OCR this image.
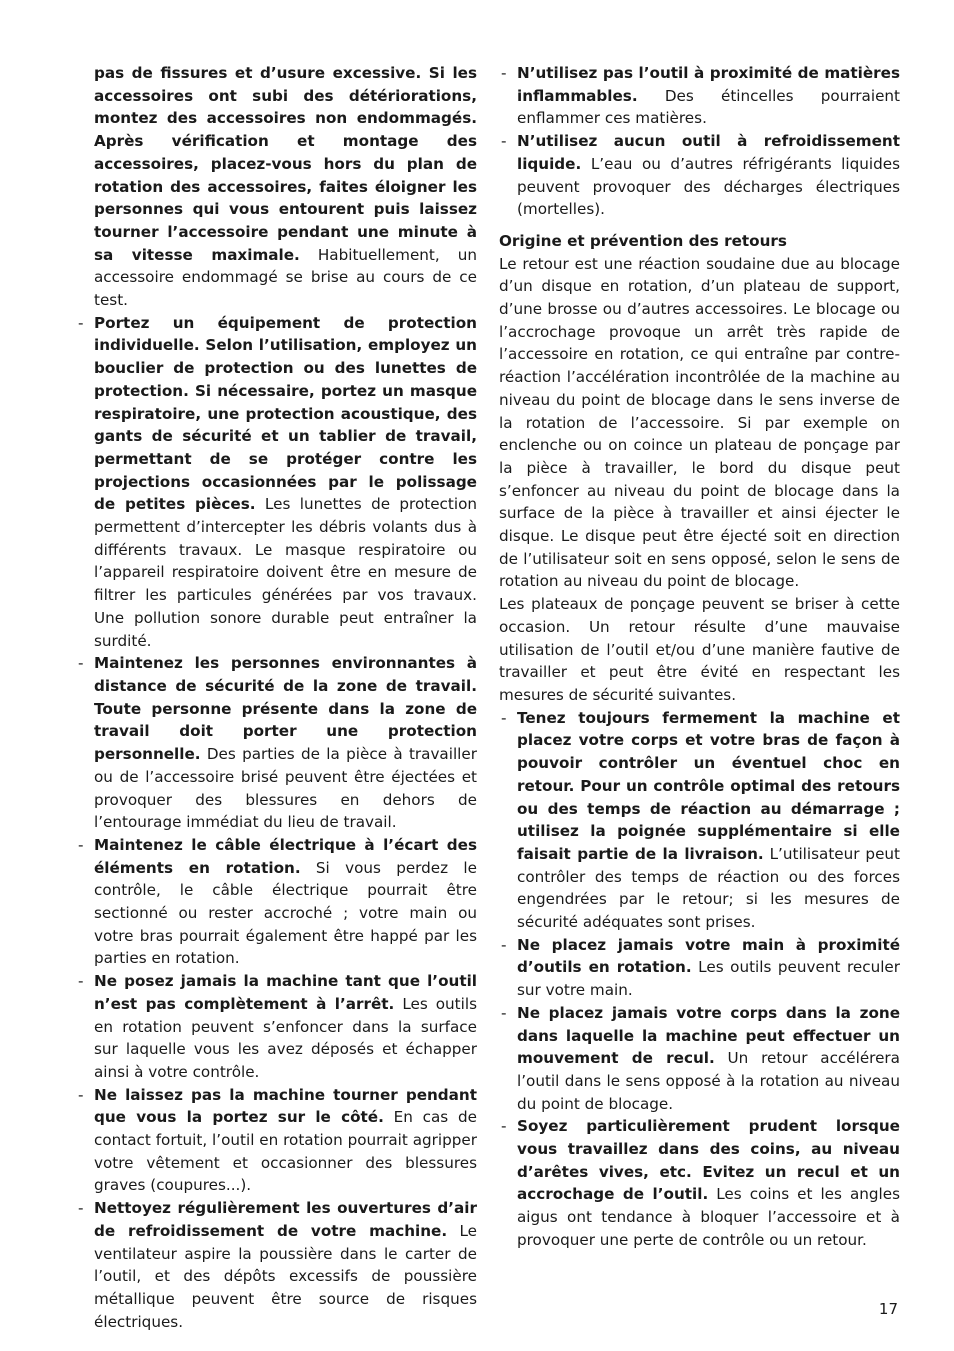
pas de fissures et d’usure excessive. Si les accessoires ont subi des détériorations, montez des accessoires non endommagés. Après vérification et montage des accessoires, placez-vous hors du plan de rotation des accessoires, faites éloigner les personnes qui vous entourent puis laissez tourner l’accessoire pendant une minute à sa vitesse maximale. Habituellement, un accessoire endommagé se brise au cours de ce test.
- Portez un équipement de protection individuelle. Selon l’utilisation, employez un bouclier de protection ou des lunettes de protection. Si nécessaire, portez un masque respiratoire, une protection acoustique, des gants de sécurité et un tablier de travail, permettant de se protéger contre les projections occasionnées par le polissage de petites pièces. Les lunettes de protection permettent d’intercepter les débris volants dus à différents travaux. Le masque respiratoire ou l’appareil respiratoire doivent être en mesure de filtrer les particules générées par vos travaux. Une pollution sonore durable peut entraîner la surdité.
- Maintenez les personnes environnantes à distance de sécurité de la zone de travail. Toute personne présente dans la zone de travail doit porter une protection personnelle. Des parties de la pièce à travailler ou de l’accessoire brisé peuvent être éjectées et provoquer des blessures en dehors de l’entourage immédiat du lieu de travail.
- Maintenez le câble électrique à l’écart des éléments en rotation. Si vous perdez le contrôle, le câble électrique pourrait être sectionné ou rester accroché ; votre main ou votre bras pourrait également être happé par les parties en rotation.
- Ne posez jamais la machine tant que l’outil n’est pas complètement à l’arrêt. Les outils en rotation peuvent s’enfoncer dans la surface sur laquelle vous les avez déposés et échapper ainsi à votre contrôle.
- Ne laissez pas la machine tourner pendant que vous la portez sur le côté. En cas de contact fortuit, l’outil en rotation pourrait agripper votre vêtement et occasionner des blessures graves (coupures...).
- Nettoyez régulièrement les ouvertures d’air de refroidissement de votre machine. Le ventilateur aspire la poussière dans le carter de l’outil, et des dépôts excessifs de poussière métallique peuvent être source de risques électriques.
- N’utilisez pas l’outil à proximité de matières inflammables. Des étincelles pourraient enflammer ces matières.
- N’utilisez aucun outil à refroidissement liquide. L’eau ou d’autres réfrigérants liquides peuvent provoquer des décharges électriques (mortelles).

Origine et prévention des retours

Le retour est une réaction soudaine due au blocage d’un disque en rotation, d’un plateau de support, d’une brosse ou d’autres accessoires. Le blocage ou l’accrochage provoque un arrêt très rapide de l’accessoire en rotation, ce qui entraîne par contre-réaction l’accélération incontrôlée de la machine au niveau du point de blocage dans le sens inverse de la rotation de l’accessoire. Si par exemple on enclenche ou on coince un plateau de ponçage par la pièce à travailler, le bord du disque peut s’enfoncer au niveau du point de blocage dans la surface de la pièce à travailler et ainsi éjecter le disque. Le disque peut être éjecté soit en direction de l’utilisateur soit en sens opposé, selon le sens de rotation au niveau du point de blocage.

Les plateaux de ponçage peuvent se briser à cette occasion. Un retour résulte d’une mauvaise utilisation de l’outil et/ou d’une manière fautive de travailler et peut être évité en respectant les mesures de sécurité suivantes.

- Tenez toujours fermement la machine et placez votre corps et votre bras de façon à pouvoir contrôler un éventuel choc en retour. Pour un contrôle optimal des retours ou des temps de réaction au démarrage ; utilisez la poignée supplémentaire si elle faisait partie de la livraison. L’utilisateur peut contrôler des temps de réaction ou des forces engendrées par le retour; si les mesures de sécurité adéquates sont prises.
- Ne placez jamais votre main à proximité d’outils en rotation. Les outils peuvent reculer sur votre main.
- Ne placez jamais votre corps dans la zone dans laquelle la machine peut effectuer un mouvement de recul. Un retour accélérera l’outil dans le sens opposé à la rotation au niveau du point de blocage.
- Soyez particulièrement prudent lorsque vous travaillez dans des coins, au niveau d’arêtes vives, etc. Evitez un recul et un accrochage de l’outil. Les coins et les angles aigus ont tendance à bloquer l’accessoire et à provoquer une perte de contrôle ou un retour.
17
